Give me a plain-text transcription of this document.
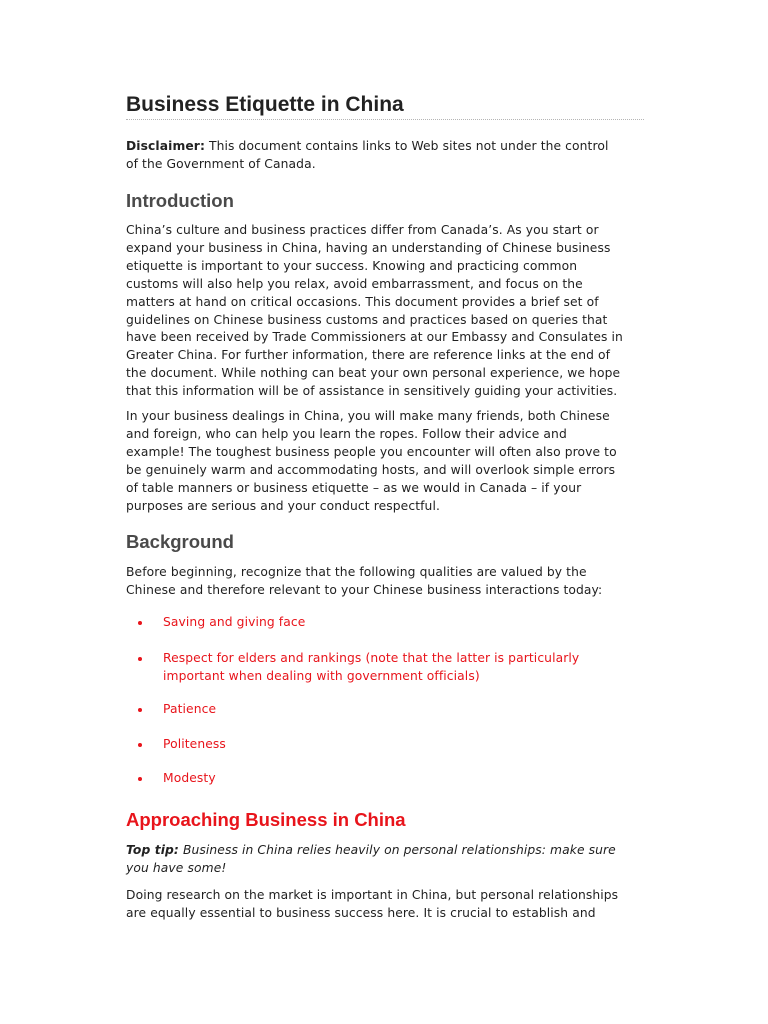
Business Etiquette in China

Disclaimer: This document contains links to Web sites not under the control
of the Government of Canada.

Introduction

China’s culture and business practices differ from Canada’s. As you start or
expand your business in China, having an understanding of Chinese business
etiquette is important to your success. Knowing and practicing common
customs will also help you relax, avoid embarrassment, and focus on the
matters at hand on critical occasions. This document provides a brief set of
guidelines on Chinese business customs and practices based on queries that
have been received by Trade Commissioners at our Embassy and Consulates in
Greater China. For further information, there are reference links at the end of
the document. While nothing can beat your own personal experience, we hope
that this information will be of assistance in sensitively guiding your activities.

In your business dealings in China, you will make many friends, both Chinese
and foreign, who can help you learn the ropes. Follow their advice and
example! The toughest business people you encounter will often also prove to
be genuinely warm and accommodating hosts, and will overlook simple errors
of table manners or business etiquette – as we would in Canada – if your
purposes are serious and your conduct respectful.

Background

Before beginning, recognize that the following qualities are valued by the
Chinese and therefore relevant to your Chinese business interactions today:

Saving and giving face
Respect for elders and rankings (note that the latter is particularly
important when dealing with government officials)
Patience
Politeness
Modesty
Approaching Business in China

Top tip: Business in China relies heavily on personal relationships: make sure
you have some!

Doing research on the market is important in China, but personal relationships
are equally essential to business success here. It is crucial to establish and
